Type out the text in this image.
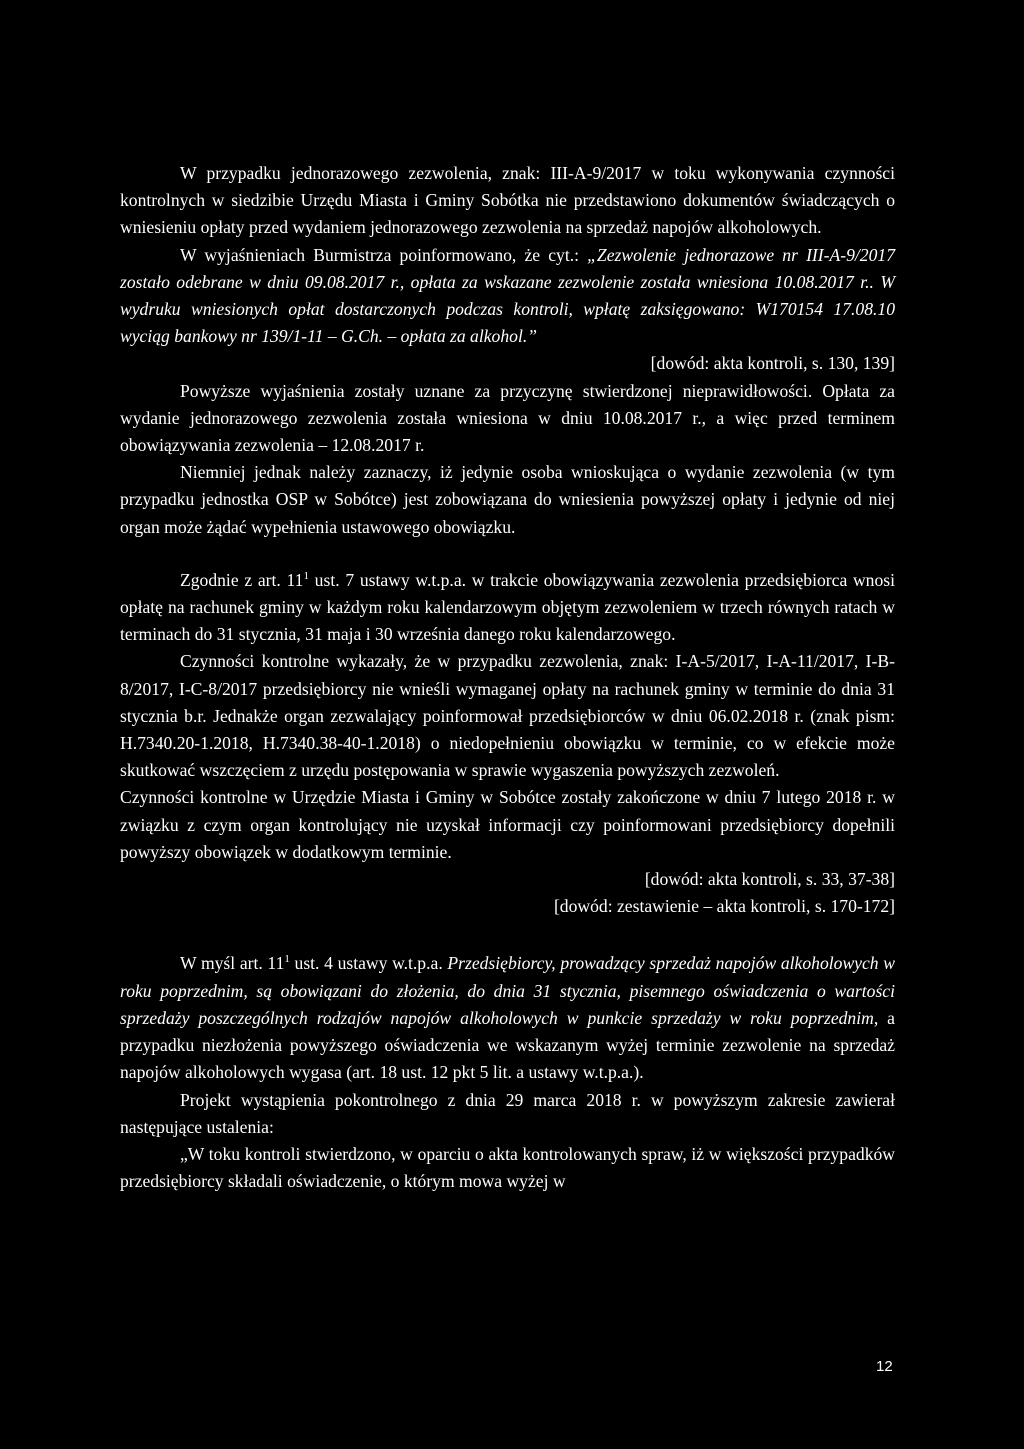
W przypadku jednorazowego zezwolenia, znak: III-A-9/2017 w toku wykonywania czynności kontrolnych w siedzibie Urzędu Miasta i Gminy Sobótka nie przedstawiono dokumentów świadczących o wniesieniu opłaty przed wydaniem jednorazowego zezwolenia na sprzedaż napojów alkoholowych.

W wyjaśnieniach Burmistrza poinformowano, że cyt.: „Zezwolenie jednorazowe nr III-A-9/2017 zostało odebrane w dniu 09.08.2017 r., opłata za wskazane zezwolenie została wniesiona 10.08.2017 r.. W wydruku wniesionych opłat dostarczonych podczas kontroli, wpłatę zaksięgowano: W170154 17.08.10 wyciąg bankowy nr 139/1-11 – G.Ch. – opłata za alkohol.”

[dowód: akta kontroli, s. 130, 139]

Powyższe wyjaśnienia zostały uznane za przyczynę stwierdzonej nieprawidłowości. Opłata za wydanie jednorazowego zezwolenia została wniesiona w dniu 10.08.2017 r., a więc przed terminem obowiązywania zezwolenia – 12.08.2017 r.

Niemniej jednak należy zaznaczy, iż jedynie osoba wnioskująca o wydanie zezwolenia (w tym przypadku jednostka OSP w Sobótce) jest zobowiązana do wniesienia powyższej opłaty i jedynie od niej organ może żądać wypełnienia ustawowego obowiązku.

Zgodnie z art. $11^1$ ust. 7 ustawy w.t.p.a. w trakcie obowiązywania zezwolenia przedsiębiorca wnosi opłatę na rachunek gminy w każdym roku kalendarzowym objętym zezwoleniem w trzech równych ratach w terminach do 31 stycznia, 31 maja i 30 września danego roku kalendarzowego.

Czynności kontrolne wykazały, że w przypadku zezwolenia, znak: I-A-5/2017, I-A-11/2017, I-B-8/2017, I-C-8/2017 przedsiębiorcy nie wnieśli wymaganej opłaty na rachunek gminy w terminie do dnia 31 stycznia b.r. Jednakże organ zezwalający poinformował przedsiębiorców w dniu 06.02.2018 r. (znak pism: H.7340.20-1.2018, H.7340.38-40-1.2018) o niedopełnieniu obowiązku w terminie, co w efekcie może skutkować wszczęciem z urzędu postępowania w sprawie wygaszenia powyższych zezwoleń.

Czynności kontrolne w Urzędzie Miasta i Gminy w Sobótce zostały zakończone w dniu 7 lutego 2018 r. w związku z czym organ kontrolujący nie uzyskał informacji czy poinformowani przedsiębiorcy dopełnili powyższy obowiązek w dodatkowym terminie.

[dowód: akta kontroli, s. 33, 37-38]

[dowód: zestawienie – akta kontroli, s. 170-172]

W myśl art. $11^1$ ust. 4 ustawy w.t.p.a. Przedsiębiorcy, prowadzący sprzedaż napojów alkoholowych w roku poprzednim, są obowiązani do złożenia, do dnia 31 stycznia, pisemnego oświadczenia o wartości sprzedaży poszczególnych rodzajów napojów alkoholowych w punkcie sprzedaży w roku poprzednim, a przypadku niezłożenia powyższego oświadczenia we wskazanym wyżej terminie zezwolenie na sprzedaż napojów alkoholowych wygasa (art. 18 ust. 12 pkt 5 lit. a ustawy w.t.p.a.).

Projekt wystąpienia pokontrolnego z dnia 29 marca 2018 r. w powyższym zakresie zawierał następujące ustalenia:

„W toku kontroli stwierdzono, w oparciu o akta kontrolowanych spraw, iż w większości przypadków przedsiębiorcy składali oświadczenie, o którym mowa wyżej w

12
